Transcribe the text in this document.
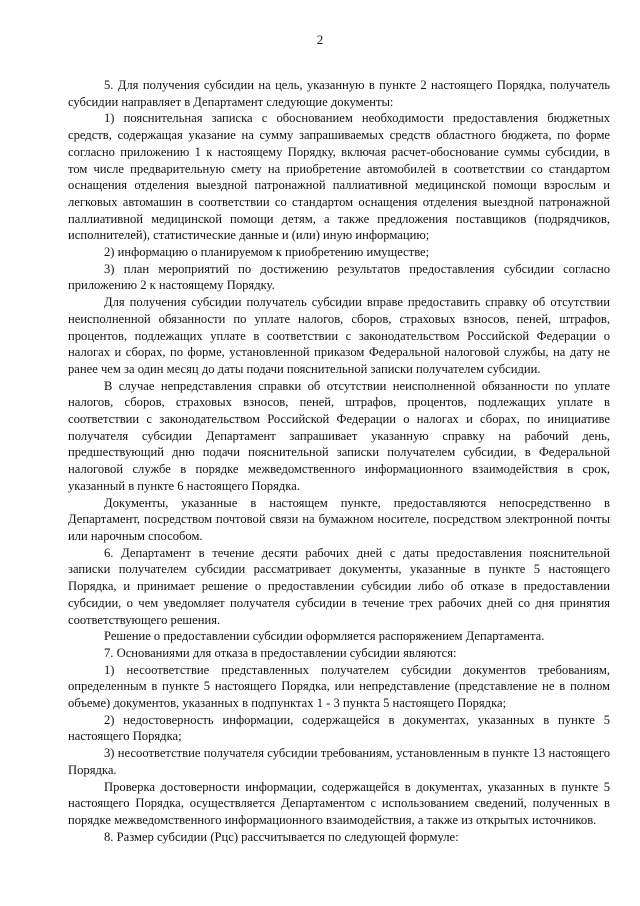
2

5. Для получения субсидии на цель, указанную в пункте 2 настоящего Порядка, получатель субсидии направляет в Департамент следующие документы:

1) пояснительная записка с обоснованием необходимости предоставления бюджетных средств, содержащая указание на сумму запрашиваемых средств областного бюджета, по форме согласно приложению 1 к настоящему Порядку, включая расчет-обоснование суммы субсидии, в том числе предварительную смету на приобретение автомобилей в соответствии со стандартом оснащения отделения выездной патронажной паллиативной медицинской помощи взрослым и легковых автомашин в соответствии со стандартом оснащения отделения выездной патронажной паллиативной медицинской помощи детям, а также предложения поставщиков (подрядчиков, исполнителей), статистические данные и (или) иную информацию;

2) информацию о планируемом к приобретению имуществе;

3) план мероприятий по достижению результатов предоставления субсидии согласно приложению 2 к настоящему Порядку.

Для получения субсидии получатель субсидии вправе предоставить справку об отсутствии неисполненной обязанности по уплате налогов, сборов, страховых взносов, пеней, штрафов, процентов, подлежащих уплате в соответствии с законодательством Российской Федерации о налогах и сборах, по форме, установленной приказом Федеральной налоговой службы, на дату не ранее чем за один месяц до даты подачи пояснительной записки получателем субсидии.

В случае непредставления справки об отсутствии неисполненной обязанности по уплате налогов, сборов, страховых взносов, пеней, штрафов, процентов, подлежащих уплате в соответствии с законодательством Российской Федерации о налогах и сборах, по инициативе получателя субсидии Департамент запрашивает указанную справку на рабочий день, предшествующий дню подачи пояснительной записки получателем субсидии, в Федеральной налоговой службе в порядке межведомственного информационного взаимодействия в срок, указанный в пункте 6 настоящего Порядка.

Документы, указанные в настоящем пункте, предоставляются непосредственно в Департамент, посредством почтовой связи на бумажном носителе, посредством электронной почты или нарочным способом.

6. Департамент в течение десяти рабочих дней с даты предоставления пояснительной записки получателем субсидии рассматривает документы, указанные в пункте 5 настоящего Порядка, и принимает решение о предоставлении субсидии либо об отказе в предоставлении субсидии, о чем уведомляет получателя субсидии в течение трех рабочих дней со дня принятия соответствующего решения.

Решение о предоставлении субсидии оформляется распоряжением Департамента.

7. Основаниями для отказа в предоставлении субсидии являются:

1) несоответствие представленных получателем субсидии документов требованиям, определенным в пункте 5 настоящего Порядка, или непредставление (представление не в полном объеме) документов, указанных в подпунктах 1 - 3 пункта 5 настоящего Порядка;

2) недостоверность информации, содержащейся в документах, указанных в пункте 5 настоящего Порядка;

3) несоответствие получателя субсидии требованиям, установленным в пункте 13 настоящего Порядка.

Проверка достоверности информации, содержащейся в документах, указанных в пункте 5 настоящего Порядка, осуществляется Департаментом с использованием сведений, полученных в порядке межведомственного информационного взаимодействия, а также из открытых источников.

8. Размер субсидии (Рцс) рассчитывается по следующей формуле:
